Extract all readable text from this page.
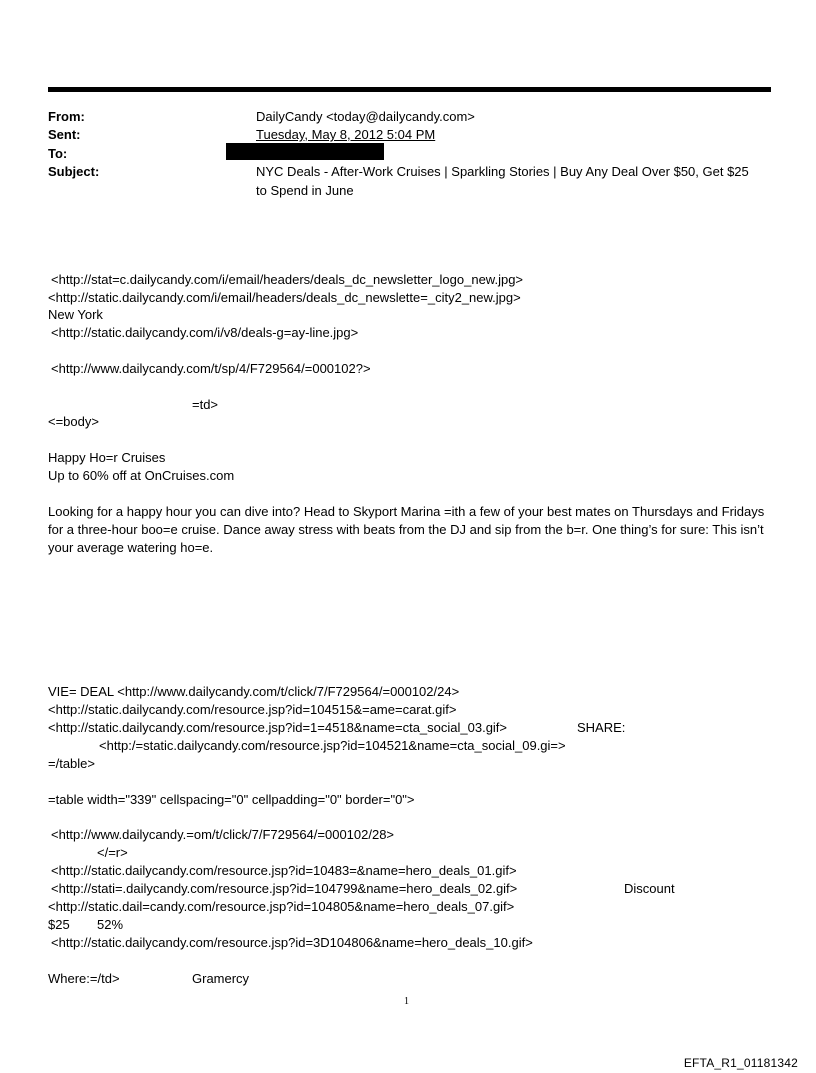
From:	DailyCandy <today@dailycandy.com>
Sent:	Tuesday, May 8, 2012 5:04 PM
To:
Subject:	NYC Deals - After-Work Cruises | Sparkling Stories | Buy Any Deal Over $50, Get $25
to Spend in June
<http://stat=c.dailycandy.com/i/email/headers/deals_dc_newsletter_logo_new.jpg>
<http://static.dailycandy.com/i/email/headers/deals_dc_newslette=_city2_new.jpg>
New York
<http://static.dailycandy.com/i/v8/deals-g=ay-line.jpg>
<http://www.dailycandy.com/t/sp/4/F729564/=000102?>
=td>
<=body>
Happy Ho=r Cruises
Up to 60% off at OnCruises.com
Looking for a happy hour you can dive into? Head to Skyport Marina =ith a few of your best mates on Thursdays and Fridays for a three-hour boo=e cruise. Dance away stress with beats from the DJ and sip from the b=r. One thing’s for sure: This isn’t your average watering ho=e.
VIE= DEAL <http://www.dailycandy.com/t/click/7/F729564/=000102/24>
<http://static.dailycandy.com/resource.jsp?id=104515&=ame=carat.gif>
<http://static.dailycandy.com/resource.jsp?id=1=4518&name=cta_social_03.gif>	SHARE:
<http:/=static.dailycandy.com/resource.jsp?id=104521&name=cta_social_09.gi=>
=/table>
=table width="339" cellspacing="0" cellpadding="0" border="0">
<http://www.dailycandy.=om/t/click/7/F729564/=000102/28>
</=r>
<http://static.dailycandy.com/resource.jsp?id=10483=&name=hero_deals_01.gif>
<http://stati=.dailycandy.com/resource.jsp?id=104799&name=hero_deals_02.gif>	Discount
<http://static.dail=candy.com/resource.jsp?id=104805&name=hero_deals_07.gif>
$25 52%
<http://static.dailycandy.com/resource.jsp?id=3D104806&name=hero_deals_10.gif>
Where:=/td>	Gramercy
1
EFTA_R1_01181342
